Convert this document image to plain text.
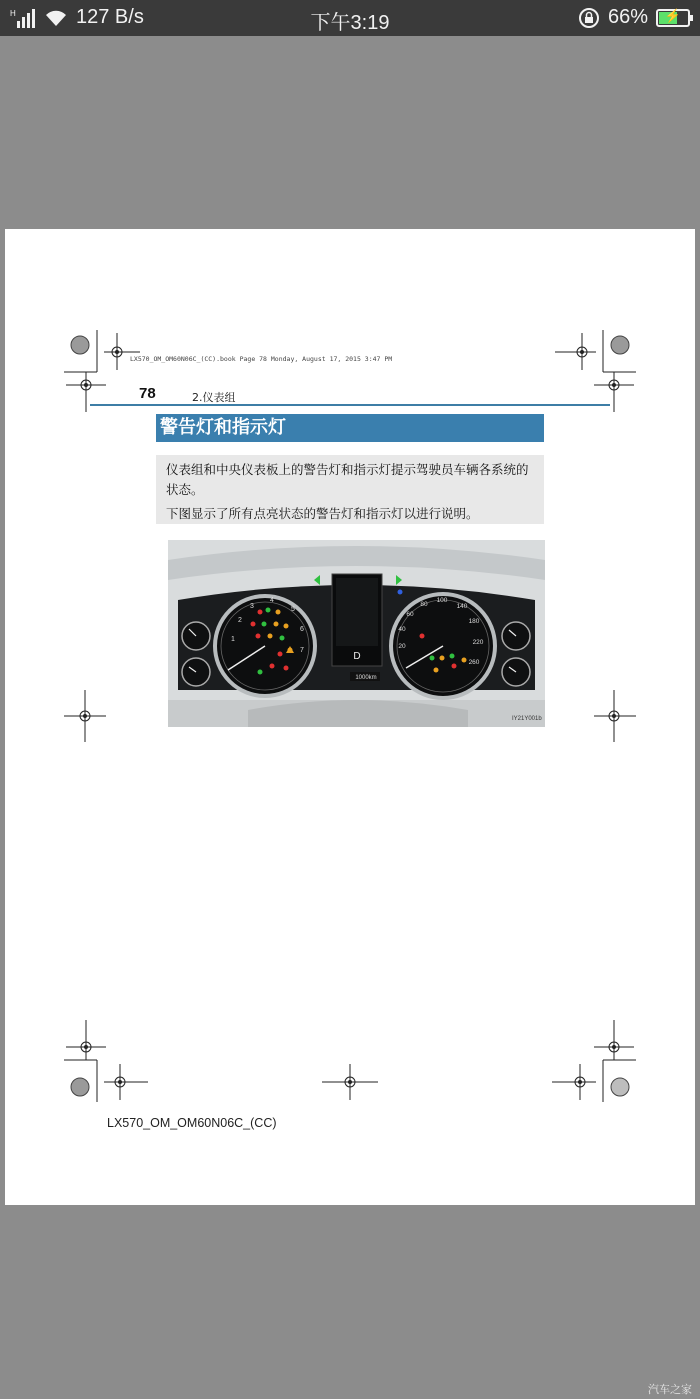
H	127 B/s	下午3:19	66%	⚡
LX570_OM_OM60N06C_(CC).book Page 78 Monday, August 17, 2015 3:47 PM
78	2.仪表组
警告灯和指示灯

仪表组和中央仪表板上的警告灯和指示灯提示驾驶员车辆各系统的状态。

下图显示了所有点亮状态的警告灯和指示灯以进行说明。

1
2
3
4
5
6
7
D
1000km
20
40
60
80
100
140
180
220
260
IY21Y001b
LX570_OM_OM60N06C_(CC)
汽车之家
